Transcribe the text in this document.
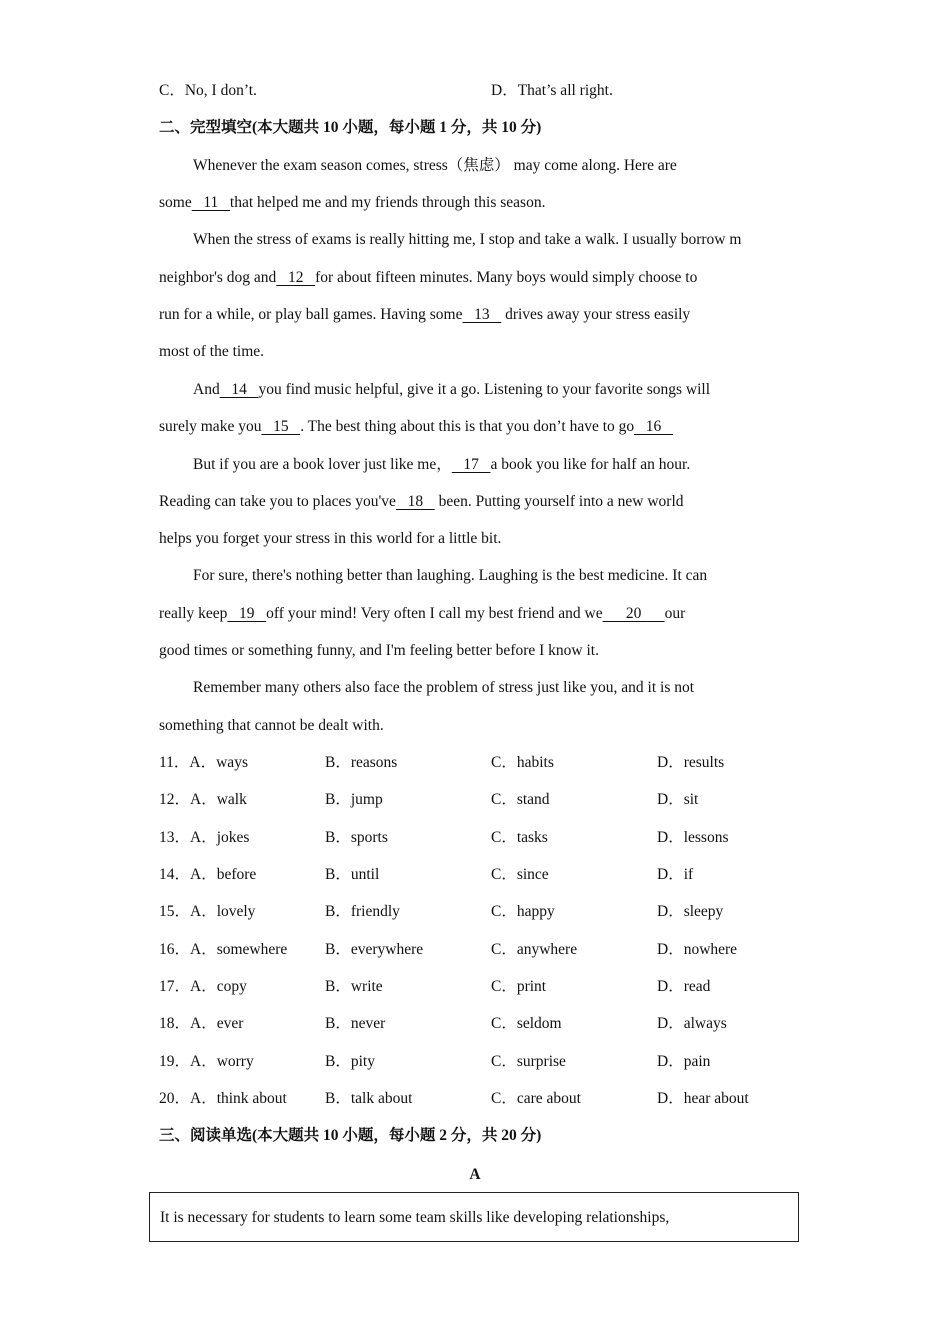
C．No, I don’t.	D．That’s all right.
二、完型填空(本大题共 10 小题，每小题 1 分，共 10 分)
Whenever the exam season comes, stress（焦虑） may come along. Here are
some   11   that helped me and my friends through this season.
When the stress of exams is really hitting me, I stop and take a walk. I usually borrow m
neighbor's dog and   12   for about fifteen minutes. Many boys would simply choose to
run for a while, or play ball games. Having some   13    drives away your stress easily
most of the time.
And   14   you find music helpful, give it a go. Listening to your favorite songs will
surely make you   15   . The best thing about this is that you don’t have to go   16
But if you are a book lover just like me，   17   a book you like for half an hour.
Reading can take you to places you've   18    been. Putting yourself into a new world
helps you forget your stress in this world for a little bit.
For sure, there's nothing better than laughing. Laughing is the best medicine. It can
really keep   19   off your mind! Very often I call my best friend and we      20      our
good times or something funny, and I'm feeling better before I know it.
Remember many others also face the problem of stress just like you, and it is not
something that cannot be dealt with.
11．A．ways	B．reasons	C．habits	D．results
12．A．walk	B．jump	C．stand	D．sit
13．A．jokes	B．sports	C．tasks	D．lessons
14．A．before	B．until	C．since	D．if
15．A．lovely	B．friendly	C．happy	D．sleepy
16．A．somewhere B．everywhere	C．anywhere	D．nowhere
17．A．copy	B．write	C．print	D．read
18．A．ever	B．never	C．seldom	D．always
19．A．worry	B．pity	C．surprise	D．pain
20．A．think about B．talk about	C．care about	D．hear about
三、阅读单选(本大题共 10 小题，每小题 2 分，共 20 分)
A
It is necessary for students to learn some team skills like developing relationships,
